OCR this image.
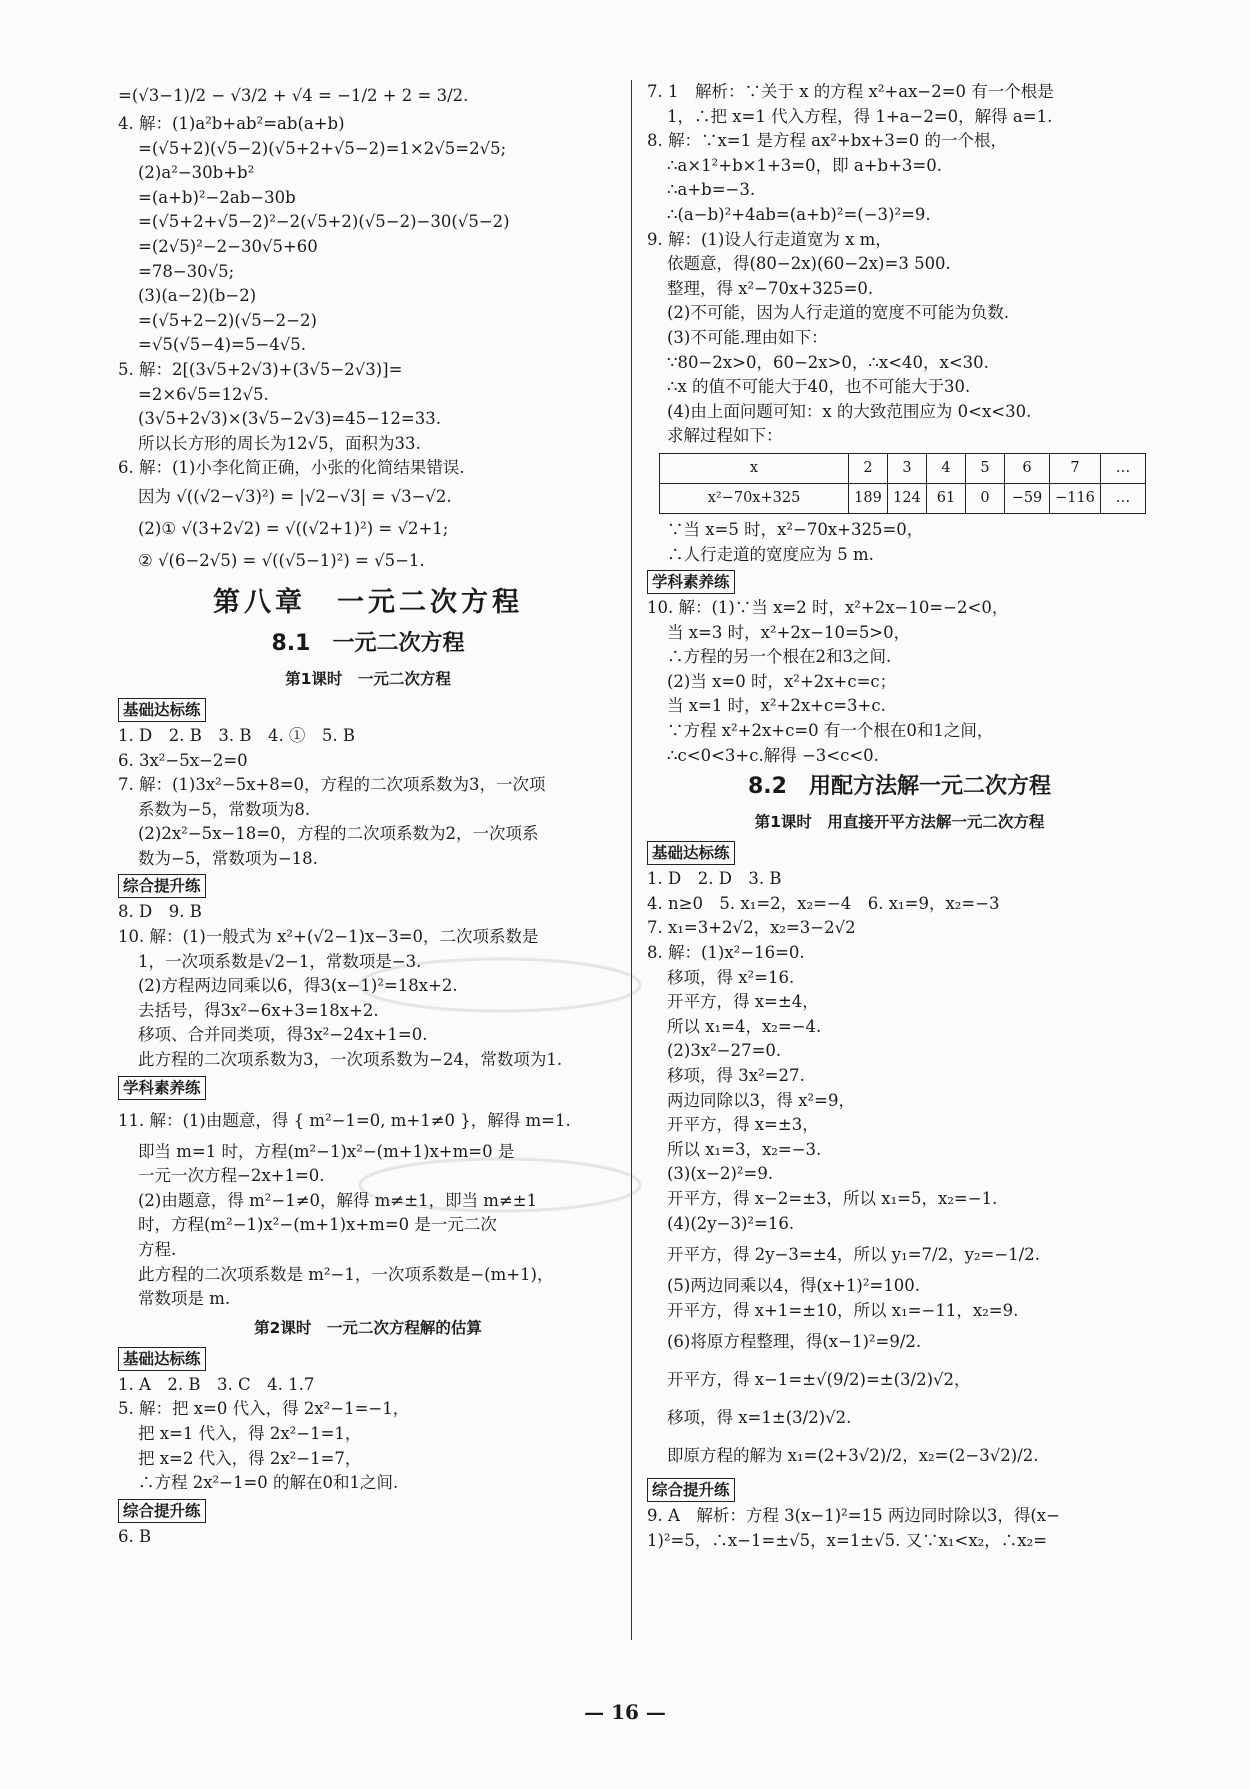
=(√3−1)/2 − √3/2 + √4 = −1/2 + 2 = 3/2.
4. 解：(1)a²b+ab²=ab(a+b)
=(√5+2)(√5−2)(√5+2+√5−2)=1×2√5=2√5;
(2)a²−30b+b²
=(a+b)²−2ab−30b
=(√5+2+√5−2)²−2(√5+2)(√5−2)−30(√5−2)
=(2√5)²−2−30√5+60
=78−30√5;
(3)(a−2)(b−2)
=(√5+2−2)(√5−2−2)
=√5(√5−4)=5−4√5.
5. 解：2[(3√5+2√3)+(3√5−2√3)]=
=2×6√5=12√5.
(3√5+2√3)×(3√5−2√3)=45−12=33.
所以长方形的周长为12√5，面积为33.
6. 解：(1)小李化简正确，小张的化简结果错误.
因为 √((√2−√3)²) = |√2−√3| = √3−√2.
(2)① √(3+2√2) = √((√2+1)²) = √2+1;
② √(6−2√5) = √((√5−1)²) = √5−1.
第八章　一元二次方程
8.1　一元二次方程
第1课时　一元二次方程
基础达标练
1. D　2. B　3. B　4. ①　5. B
6. 3x²−5x−2=0
7. 解：(1)3x²−5x+8=0，方程的二次项系数为3，一次项
系数为−5，常数项为8.
(2)2x²−5x−18=0，方程的二次项系数为2，一次项系
数为−5，常数项为−18.
综合提升练
8. D　9. B
10. 解：(1)一般式为 x²+(√2−1)x−3=0，二次项系数是
1，一次项系数是√2−1，常数项是−3.
(2)方程两边同乘以6，得3(x−1)²=18x+2.
去括号，得3x²−6x+3=18x+2.
移项、合并同类项，得3x²−24x+1=0.
此方程的二次项系数为3，一次项系数为−24，常数项为1.
学科素养练
11. 解：(1)由题意，得 { m²−1=0, m+1≠0 }，解得 m=1.
即当 m=1 时，方程(m²−1)x²−(m+1)x+m=0 是
一元一次方程−2x+1=0.
(2)由题意，得 m²−1≠0，解得 m≠±1，即当 m≠±1
时，方程(m²−1)x²−(m+1)x+m=0 是一元二次
方程.
此方程的二次项系数是 m²−1，一次项系数是−(m+1)，
常数项是 m.
第2课时　一元二次方程解的估算
基础达标练
1. A　2. B　3. C　4. 1.7
5. 解：把 x=0 代入，得 2x²−1=−1，
把 x=1 代入，得 2x²−1=1，
把 x=2 代入，得 2x²−1=7，
∴方程 2x²−1=0 的解在0和1之间.
综合提升练
6. B
7. 1　解析：∵关于 x 的方程 x²+ax−2=0 有一个根是
1，∴把 x=1 代入方程，得 1+a−2=0，解得 a=1.
8. 解：∵x=1 是方程 ax²+bx+3=0 的一个根，
∴a×1²+b×1+3=0，即 a+b+3=0.
∴a+b=−3.
∴(a−b)²+4ab=(a+b)²=(−3)²=9.
9. 解：(1)设人行走道宽为 x m，
依题意，得(80−2x)(60−2x)=3 500.
整理，得 x²−70x+325=0.
(2)不可能，因为人行走道的宽度不可能为负数.
(3)不可能.理由如下：
∵80−2x>0，60−2x>0，∴x<40，x<30.
∴x 的值不可能大于40，也不可能大于30.
(4)由上面问题可知：x 的大致范围应为 0<x<30.
求解过程如下：
x	2	3	4	5	6	7	…
x²−70x+325	189	124	61	0	−59	−116	…
∵当 x=5 时，x²−70x+325=0，
∴人行走道的宽度应为 5 m.
学科素养练
10. 解：(1)∵当 x=2 时，x²+2x−10=−2<0，
当 x=3 时，x²+2x−10=5>0，
∴方程的另一个根在2和3之间.
(2)当 x=0 时，x²+2x+c=c；
当 x=1 时，x²+2x+c=3+c.
∵方程 x²+2x+c=0 有一个根在0和1之间，
∴c<0<3+c.解得 −3<c<0.
8.2　用配方法解一元二次方程
第1课时　用直接开平方法解一元二次方程
基础达标练
1. D　2. D　3. B
4. n≥0　5. x₁=2，x₂=−4　6. x₁=9，x₂=−3
7. x₁=3+2√2，x₂=3−2√2
8. 解：(1)x²−16=0.
移项，得 x²=16.
开平方，得 x=±4，
所以 x₁=4，x₂=−4.
(2)3x²−27=0.
移项，得 3x²=27.
两边同除以3，得 x²=9，
开平方，得 x=±3，
所以 x₁=3，x₂=−3.
(3)(x−2)²=9.
开平方，得 x−2=±3，所以 x₁=5，x₂=−1.
(4)(2y−3)²=16.
开平方，得 2y−3=±4，所以 y₁=7/2，y₂=−1/2.
(5)两边同乘以4，得(x+1)²=100.
开平方，得 x+1=±10，所以 x₁=−11，x₂=9.
(6)将原方程整理，得(x−1)²=9/2.
开平方，得 x−1=±√(9/2)=±(3/2)√2，
移项，得 x=1±(3/2)√2.
即原方程的解为 x₁=(2+3√2)/2，x₂=(2−3√2)/2.
综合提升练
9. A　解析：方程 3(x−1)²=15 两边同时除以3，得(x−
1)²=5，∴x−1=±√5，x=1±√5. 又∵x₁<x₂，∴x₂=
— 16 —
